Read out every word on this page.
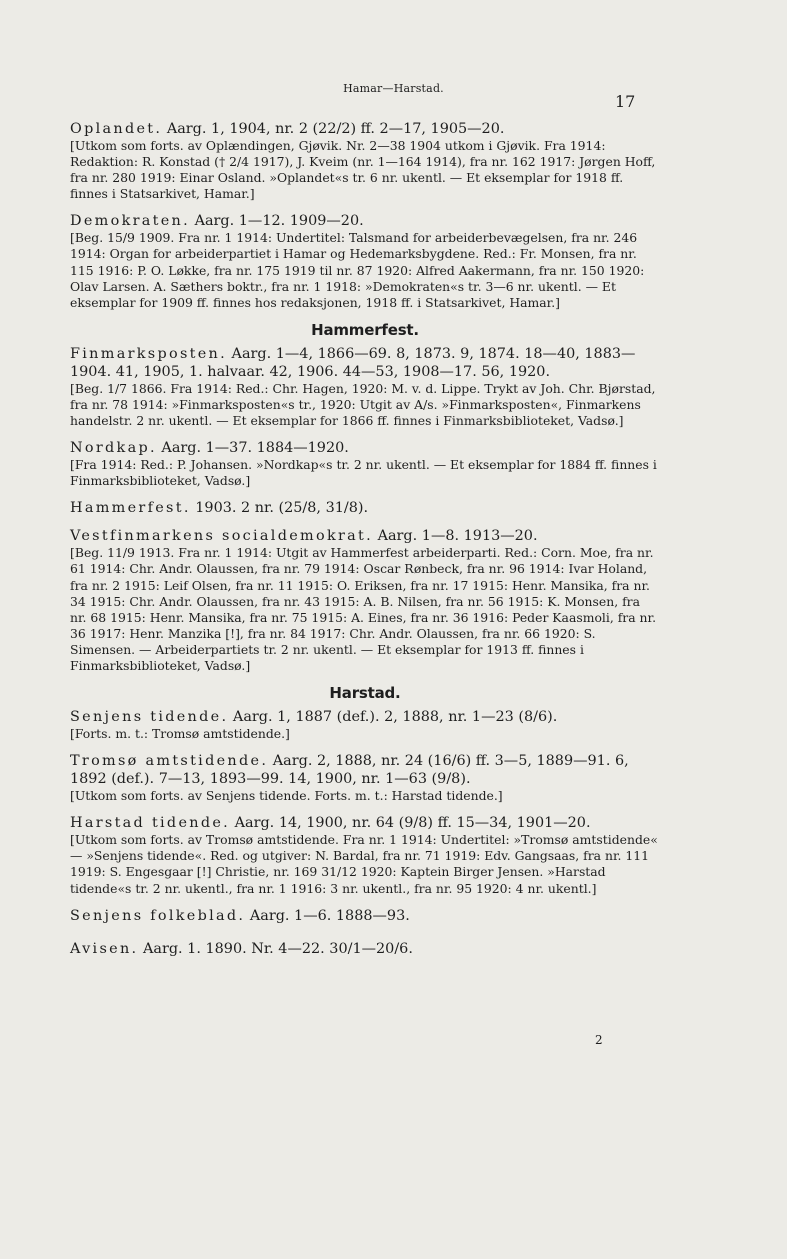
Hamar—Harstad.
17

Oplandet. Aarg. 1, 1904, nr. 2 (22/2) ff. 2—17, 1905—20.

[Utkom som forts. av Oplændingen, Gjøvik. Nr. 2—38 1904 utkom i Gjøvik. Fra 1914: Redaktion: R. Konstad († 2/4 1917), J. Kveim (nr. 1—164 1914), fra nr. 162 1917: Jørgen Hoff, fra nr. 280 1919: Einar Osland. »Oplandet«s tr. 6 nr. ukentl. — Et eksemplar for 1918 ff. finnes i Statsarkivet, Hamar.]

Demokraten. Aarg. 1—12. 1909—20.

[Beg. 15/9 1909. Fra nr. 1 1914: Undertitel: Talsmand for arbeiderbevægelsen, fra nr. 246 1914: Organ for arbeiderpartiet i Hamar og Hedemarksbygdene. Red.: Fr. Monsen, fra nr. 115 1916: P. O. Løkke, fra nr. 175 1919 til nr. 87 1920: Alfred Aakermann, fra nr. 150 1920: Olav Larsen. A. Sæthers boktr., fra nr. 1 1918: »Demokraten«s tr. 3—6 nr. ukentl. — Et eksemplar for 1909 ff. finnes hos redaksjonen, 1918 ff. i Statsarkivet, Hamar.]

Hammerfest.

Finmarksposten. Aarg. 1—4, 1866—69. 8, 1873. 9, 1874. 18—40, 1883—1904. 41, 1905, 1. halvaar. 42, 1906. 44—53, 1908—17. 56, 1920.

[Beg. 1/7 1866. Fra 1914: Red.: Chr. Hagen, 1920: M. v. d. Lippe. Trykt av Joh. Chr. Bjørstad, fra nr. 78 1914: »Finmarksposten«s tr., 1920: Utgit av A/s. »Finmarksposten«, Finmarkens handelstr. 2 nr. ukentl. — Et eksemplar for 1866 ff. finnes i Finmarksbiblioteket, Vadsø.]

Nordkap. Aarg. 1—37. 1884—1920.

[Fra 1914: Red.: P. Johansen. »Nordkap«s tr. 2 nr. ukentl. — Et eksemplar for 1884 ff. finnes i Finmarksbiblioteket, Vadsø.]

Hammerfest. 1903. 2 nr. (25/8, 31/8).

Vestfinmarkens socialdemokrat. Aarg. 1—8. 1913—20.

[Beg. 11/9 1913. Fra nr. 1 1914: Utgit av Hammerfest arbeiderparti. Red.: Corn. Moe, fra nr. 61 1914: Chr. Andr. Olaussen, fra nr. 79 1914: Oscar Rønbeck, fra nr. 96 1914: Ivar Holand, fra nr. 2 1915: Leif Olsen, fra nr. 11 1915: O. Eriksen, fra nr. 17 1915: Henr. Mansika, fra nr. 34 1915: Chr. Andr. Olaussen, fra nr. 43 1915: A. B. Nilsen, fra nr. 56 1915: K. Monsen, fra nr. 68 1915: Henr. Mansika, fra nr. 75 1915: A. Eines, fra nr. 36 1916: Peder Kaasmoli, fra nr. 36 1917: Henr. Manzika [!], fra nr. 84 1917: Chr. Andr. Olaussen, fra nr. 66 1920: S. Simensen. — Arbeiderpartiets tr. 2 nr. ukentl. — Et eksemplar for 1913 ff. finnes i Finmarksbiblioteket, Vadsø.]

Harstad.

Senjens tidende. Aarg. 1, 1887 (def.). 2, 1888, nr. 1—23 (8/6).

[Forts. m. t.: Tromsø amtstidende.]

Tromsø amtstidende. Aarg. 2, 1888, nr. 24 (16/6) ff. 3—5, 1889—91. 6, 1892 (def.). 7—13, 1893—99. 14, 1900, nr. 1—63 (9/8).

[Utkom som forts. av Senjens tidende. Forts. m. t.: Harstad tidende.]

Harstad tidende. Aarg. 14, 1900, nr. 64 (9/8) ff. 15—34, 1901—20.

[Utkom som forts. av Tromsø amtstidende. Fra nr. 1 1914: Undertitel: »Tromsø amtstidende« — »Senjens tidende«. Red. og utgiver: N. Bardal, fra nr. 71 1919: Edv. Gangsaas, fra nr. 111 1919: S. Engesgaar [!] Christie, nr. 169 31/12 1920: Kaptein Birger Jensen. »Harstad tidende«s tr. 2 nr. ukentl., fra nr. 1 1916: 3 nr. ukentl., fra nr. 95 1920: 4 nr. ukentl.]

Senjens folkeblad. Aarg. 1—6. 1888—93.

Avisen. Aarg. 1. 1890. Nr. 4—22. 30/1—20/6.

2
